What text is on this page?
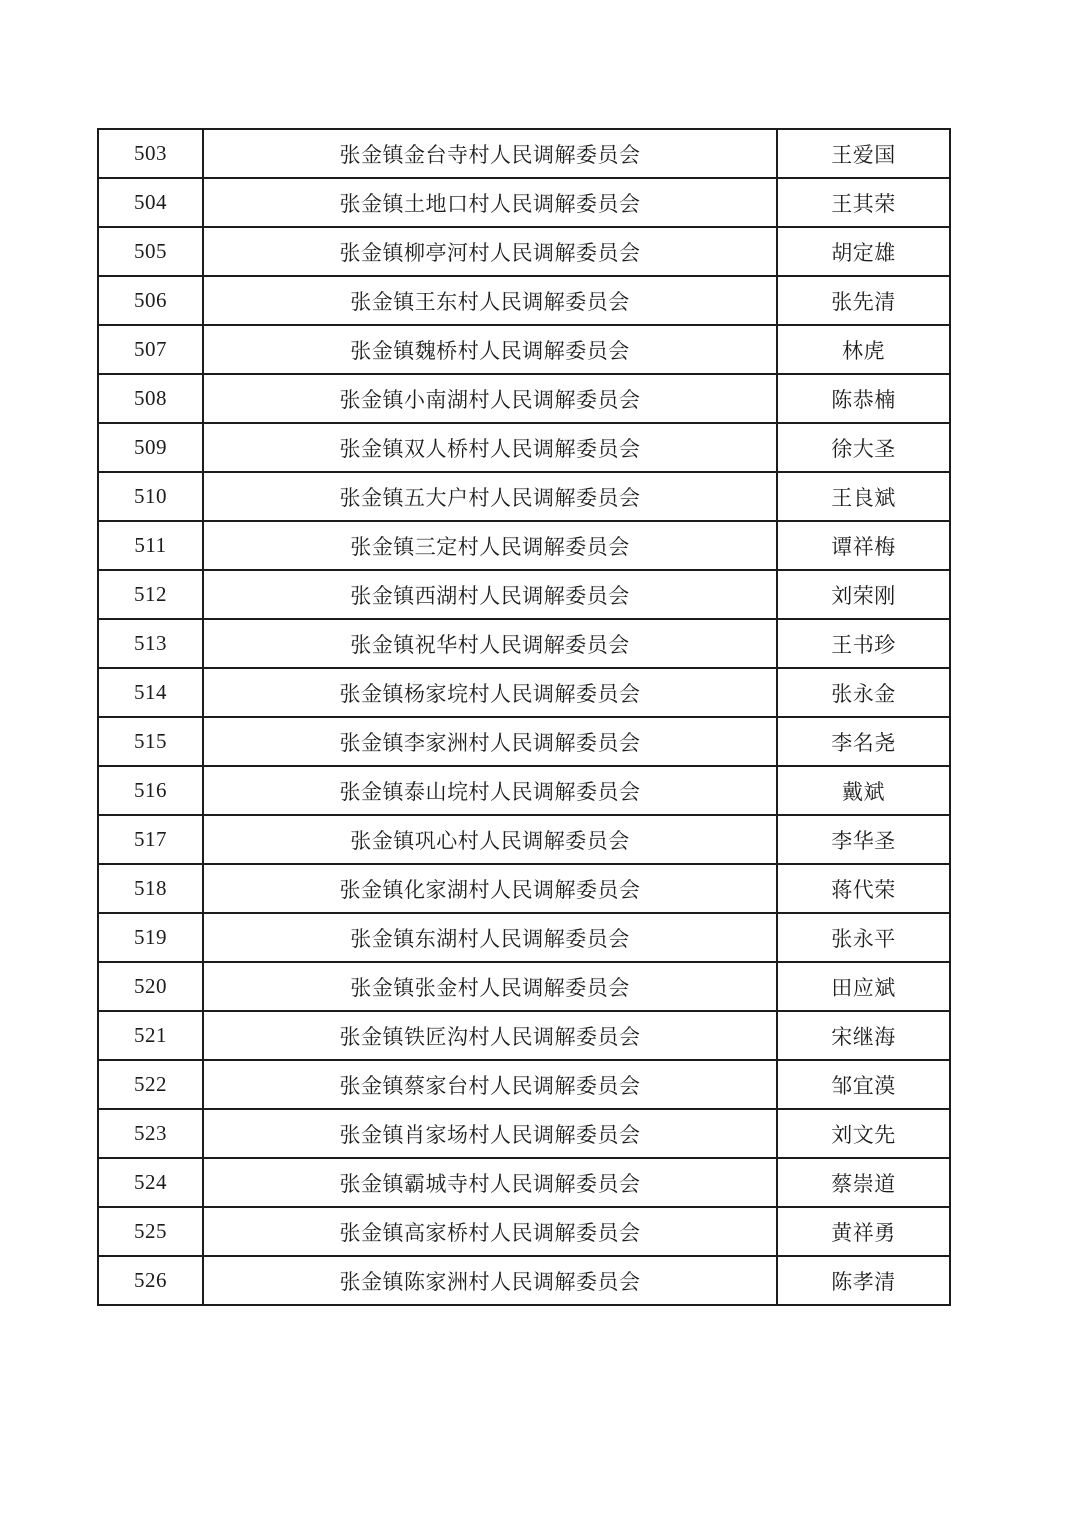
503	张金镇金台寺村人民调解委员会	王爱国
504	张金镇土地口村人民调解委员会	王其荣
505	张金镇柳亭河村人民调解委员会	胡定雄
506	张金镇王东村人民调解委员会	张先清
507	张金镇魏桥村人民调解委员会	林虎
508	张金镇小南湖村人民调解委员会	陈恭楠
509	张金镇双人桥村人民调解委员会	徐大圣
510	张金镇五大户村人民调解委员会	王良斌
511	张金镇三定村人民调解委员会	谭祥梅
512	张金镇西湖村人民调解委员会	刘荣刚
513	张金镇祝华村人民调解委员会	王书珍
514	张金镇杨家垸村人民调解委员会	张永金
515	张金镇李家洲村人民调解委员会	李名尧
516	张金镇泰山垸村人民调解委员会	戴斌
517	张金镇巩心村人民调解委员会	李华圣
518	张金镇化家湖村人民调解委员会	蒋代荣
519	张金镇东湖村人民调解委员会	张永平
520	张金镇张金村人民调解委员会	田应斌
521	张金镇铁匠沟村人民调解委员会	宋继海
522	张金镇蔡家台村人民调解委员会	邹宜漠
523	张金镇肖家场村人民调解委员会	刘文先
524	张金镇霸城寺村人民调解委员会	蔡崇道
525	张金镇高家桥村人民调解委员会	黄祥勇
526	张金镇陈家洲村人民调解委员会	陈孝清
